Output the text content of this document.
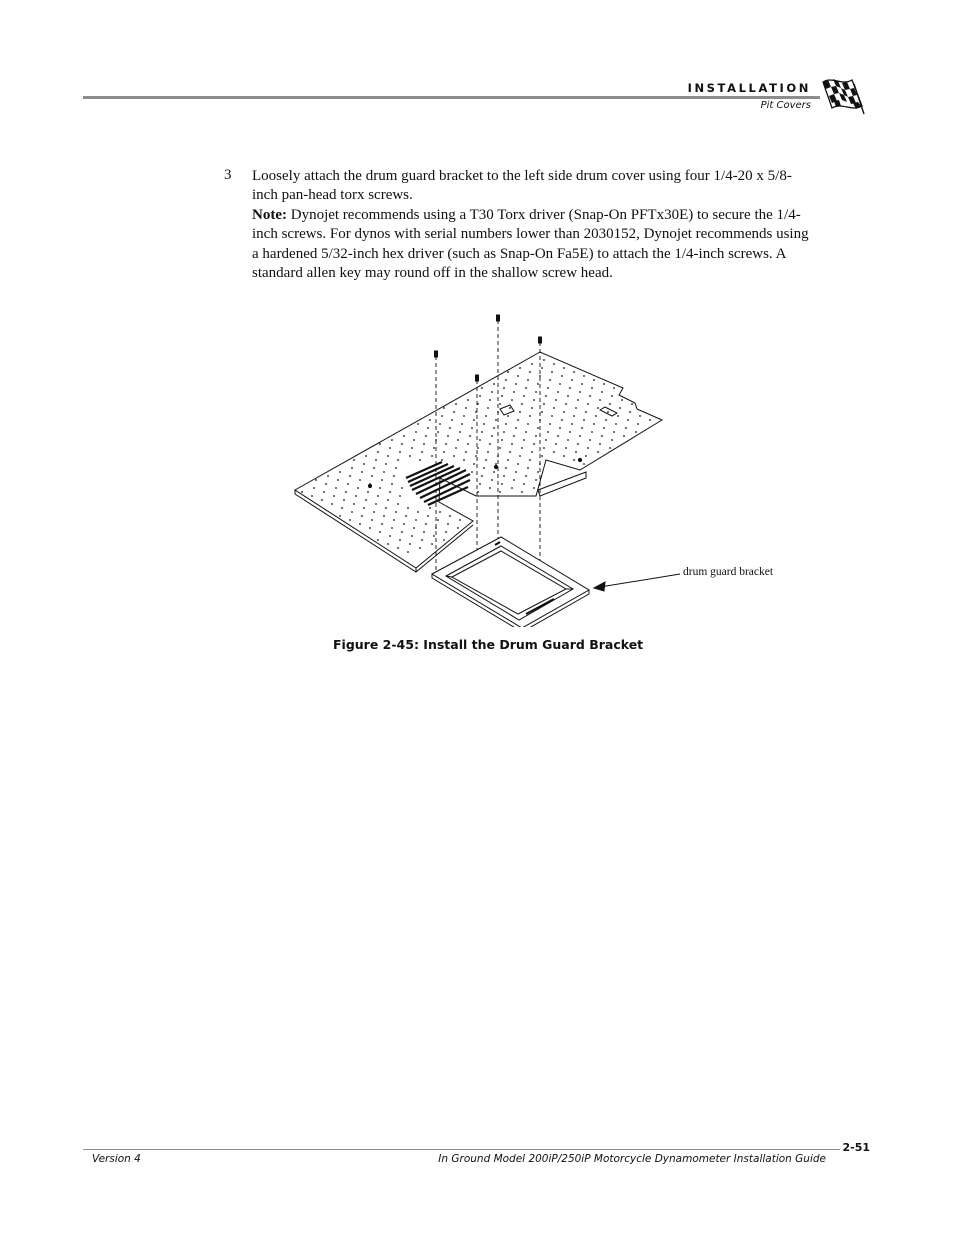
INSTALLATION
Pit Covers
3 Loosely attach the drum guard bracket to the left side drum cover using four 1/4-20 x 5/8-inch pan-head torx screws.
Note: Dynojet recommends using a T30 Torx driver (Snap-On PFTx30E) to secure the 1/4-inch screws. For dynos with serial numbers lower than 2030152, Dynojet recommends using a hardened 5/32-inch hex driver (such as Snap-On Fa5E) to attach the 1/4-inch screws. A standard allen key may round off in the shallow screw head.
drum guard bracket
Figure 2-45: Install the Drum Guard Bracket
2-51
Version 4	In Ground Model 200iP/250iP Motorcycle Dynamometer Installation Guide
